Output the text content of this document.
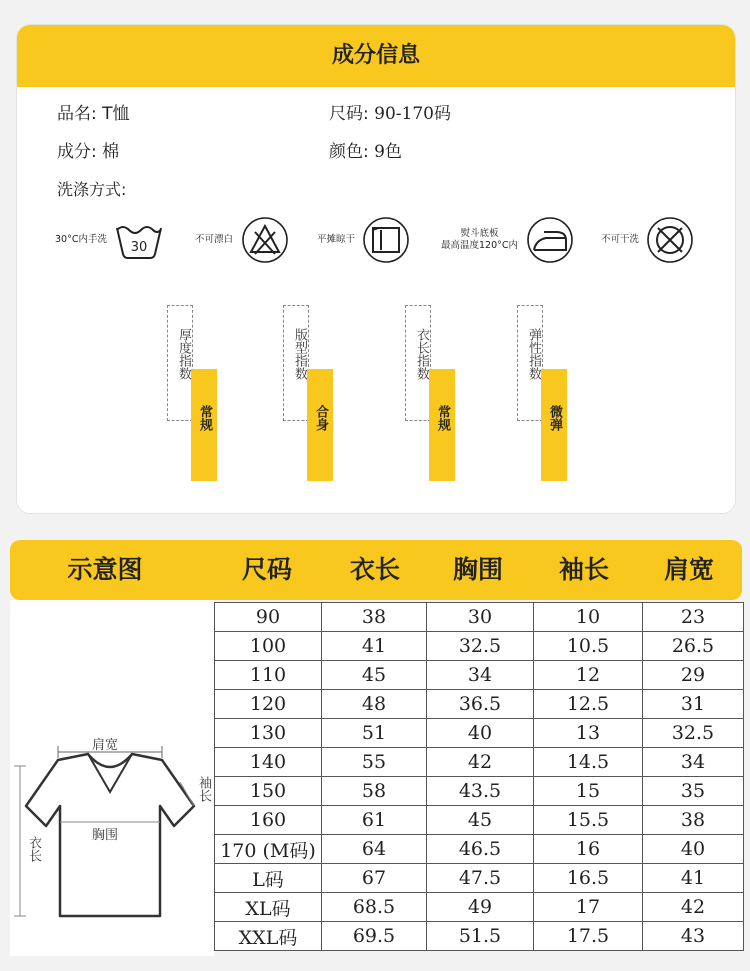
成分信息
品名: T恤	尺码: 90-170码
成分: 棉	颜色: 9色
洗涤方式:
30°C内手洗
30
不可漂白	平摊晾干
熨斗底板
最高温度120°C内
不可干洗
厚度指数
常规
版型指数
合身
衣长指数
常规
弹性指数
微弹
示意图	尺码	衣长	胸围	袖长	肩宽
肩宽
袖长
胸围
衣长
90	38	30	10	23
100	41	32.5	10.5	26.5
110	45	34	12	29
120	48	36.5	12.5	31
130	51	40	13	32.5
140	55	42	14.5	34
150	58	43.5	15	35
160	61	45	15.5	38
170 (M码)	64	46.5	16	40
L码	67	47.5	16.5	41
XL码	68.5	49	17	42
XXL码	69.5	51.5	17.5	43
